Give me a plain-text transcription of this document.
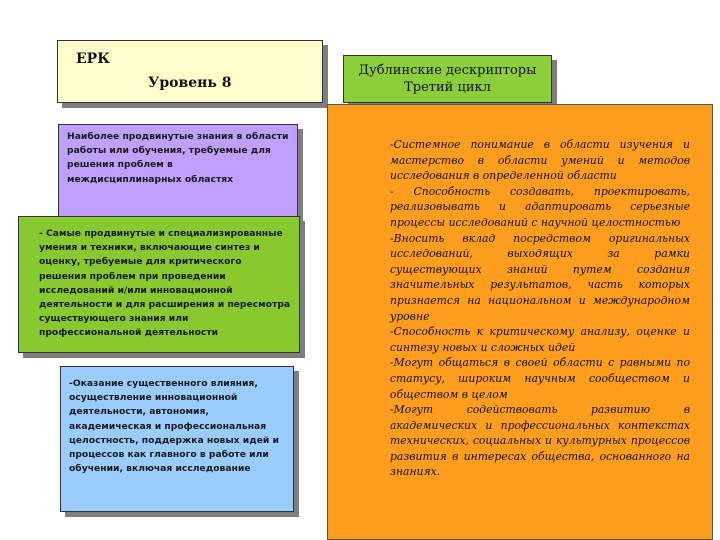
ЕРК
Уровень 8
Дублинские дескрипторы
Третий цикл
Наиболее продвинутые знания в области работы или обучения, требуемые для решения проблем в междисциплинарных областях
- Самые продвинутые и специализированные умения и техники, включающие синтез и оценку, требуемые для критического решения проблем при проведении исследований и/или инновационной деятельности и для расширения и пересмотра существующего знания или профессиональной деятельности
-Оказание существенного влияния, осуществление инновационной деятельности, автономия, академическая и профессиональная целостность, поддержка новых идей и процессов как главного в работе или обучении, включая исследование
-Системное понимание в области изучения и мастерство в области умений и методов исследования в определенной области
- Способность создавать, проектировать, реализовывать и адаптировать серьезные процессы исследований с научной целостностью
-Вносить вклад посредством оригинальных исследований, выходящих за рамки существующих знаний путем создания значительных результатов, часть которых признается на национальном и международном уровне
-Способность к критическому анализу, оценке и синтезу новых и сложных идей
-Могут общаться в своей области с равными по статусу, широким научным сообществом и обществом в целом
-Могут содействовать развитию в академических и профессиональных контекстах технических, социальных и культурных процессов развития в интересах общества, основанного на знаниях.
